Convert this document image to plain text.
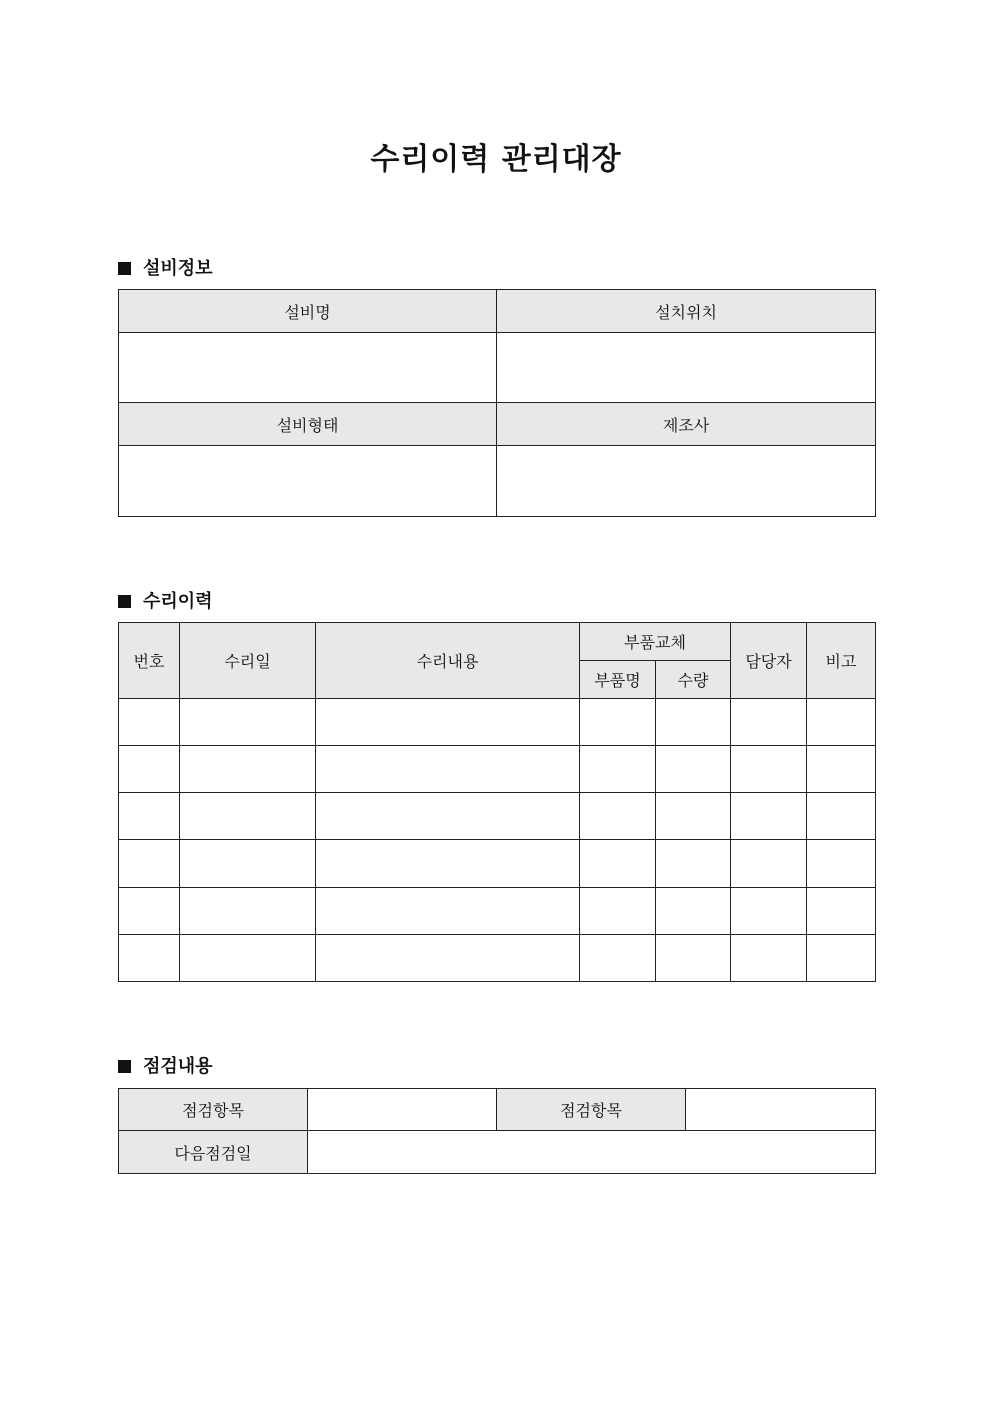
수리이력 관리대장
설비정보
설비명	설치위치

설비형태	제조사

수리이력
번호	수리일	수리내용	부품교체		담당자	비고
			부품명	수량		

점검내용
점검항목		점검항목	
다음점검일			
